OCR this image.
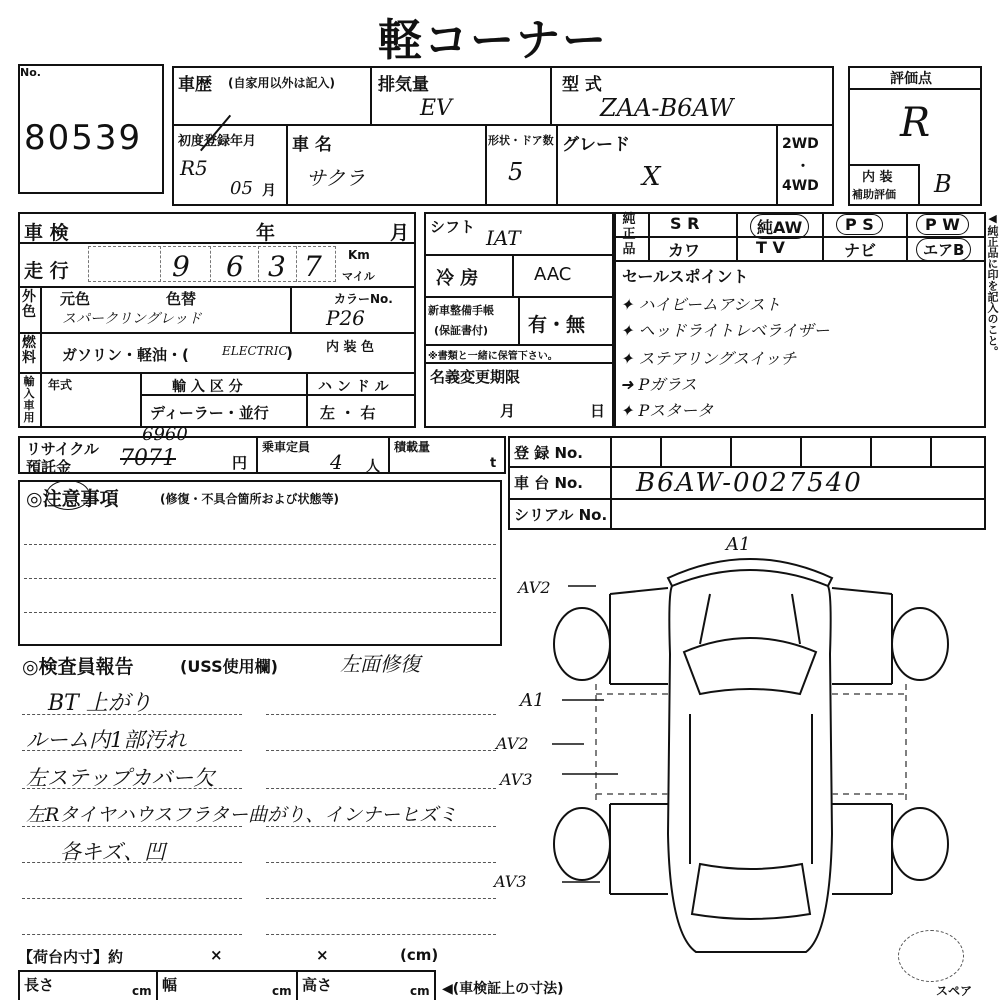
軽コーナー
No.
80539
車歴 (自家用以外は記入)	排気量
EV
型 式
ZAA-B6AW
初度登録年月
R5
05 月
車 名
サクラ
形状・ドア数
5
グレード
X
2WD
・
4WD
評価点
R
内 装
補助評価 B
車 検	年	月
走 行	9 6 3 7 Km
マイル
外色
元色	色替
スパークリングレッド
カラーNo.
P26
燃料 ガソリン・軽油・(	ELECTRIC
)	内 装 色
輸入車用
年式	輸 入 区 分
ディーラー・並行
ハ ン ド ル
左 ・ 右
シフト IAT
冷 房	AAC
新車整備手帳
(保証書付) 有・無
※書類と一緒に保管下さい。
名義変更期限
月	日
純正品
S R	純AW	P S	P W
カワ	T V	ナビ	エアB
セールスポイント
✦ ハイビームアシスト
✦ ヘッドライトレベライザー
✦ ステアリングスイッチ
➜ Pガラス
✦ Pスタータ
◀純正品に印を記入のこと。
リサイクル
預託金
6960
7071	円
乗車定員
4 人
積載量
t
登 録 No.
車 台 No. B6AW-0027540
シリアル No.
◎注意事項	(修復・不具合箇所および状態等)
◎検査員報告	(USS使用欄)	左面修復
BT 上がり
ルーム内1部汚れ
左ステップカバー欠
左Rタイヤハウスフラター曲がり、インナーヒズミ
各キズ、凹
A1
AV2
A1
AV2
AV3
AV3
スペア
【荷台内寸】約	×	×	(cm)
長さ	cm 幅	cm 高さ	cm ◀(車検証上の寸法)
